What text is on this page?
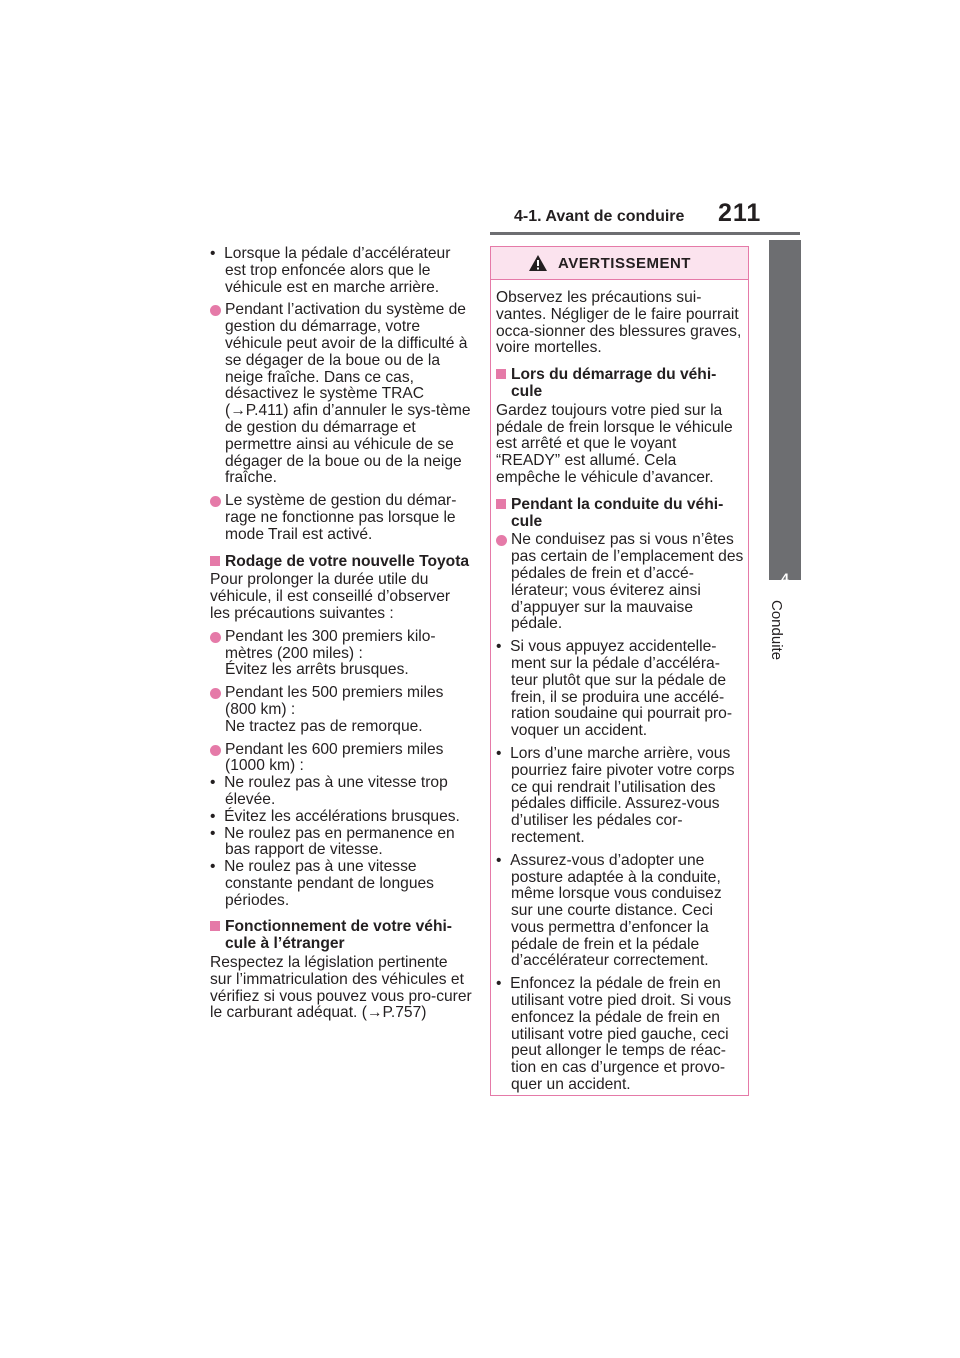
4-1. Avant de conduire 211
4
Conduite

•  Lorsque la pédale d’accélérateur est trop enfoncée alors que le véhicule est en marche arrière.

Pendant l’activation du système de gestion du démarrage, votre véhicule peut avoir de la difficulté à se dégager de la boue ou de la neige fraîche. Dans ce cas, désactivez le système TRAC (→P.411) afin d’annuler le sys-tème de gestion du démarrage et permettre ainsi au véhicule de se dégager de la boue ou de la neige fraîche.
Le système de gestion du démar-rage ne fonctionne pas lorsque le mode Trail est activé.
Rodage de votre nouvelle Toyota

Pour prolonger la durée utile du véhicule, il est conseillé d’observer les précautions suivantes :

Pendant les 300 premiers kilo-mètres (200 miles) :
Évitez les arrêts brusques.
Pendant les 500 premiers miles (800 km) :
Ne tractez pas de remorque.
Pendant les 600 premiers miles (1000 km) :
•  Ne roulez pas à une vitesse trop élevée.
•  Évitez les accélérations brusques.
•  Ne roulez pas en permanence en bas rapport de vitesse.
•  Ne roulez pas à une vitesse constante pendant de longues périodes.
Fonctionnement de votre véhi-cule à l’étranger

Respectez la législation pertinente sur l’immatriculation des véhicules et vérifiez si vous pouvez vous pro-curer le carburant adéquat. (→P.757)

AVERTISSEMENT

Observez les précautions sui-vantes. Négliger de le faire pourrait occa-sionner des blessures graves, voire mortelles.

Lors du démarrage du véhi-cule

Gardez toujours votre pied sur la pédale de frein lorsque le véhicule est arrêté et que le voyant “READY” est allumé. Cela empêche le véhicule d’avancer.

Pendant la conduite du véhi-cule
Ne conduisez pas si vous n’êtes pas certain de l’emplacement des pédales de frein et d’accé-lérateur; vous éviterez ainsi d’appuyer sur la mauvaise pédale.
•  Si vous appuyez accidentelle-ment sur la pédale d’accéléra-teur plutôt que sur la pédale de frein, il se produira une accélé-ration soudaine qui pourrait pro-voquer un accident.
•  Lors d’une marche arrière, vous pourriez faire pivoter votre corps ce qui rendrait l’utilisation des pédales difficile. Assurez-vous d’utiliser les pédales cor-rectement.
•  Assurez-vous d’adopter une posture adaptée à la conduite, même lorsque vous conduisez sur une courte distance. Ceci vous permettra d’enfoncer la pédale de frein et la pédale d’accélérateur correctement.
•  Enfoncez la pédale de frein en utilisant votre pied droit. Si vous enfoncez la pédale de frein en utilisant votre pied gauche, ceci peut allonger le temps de réac-tion en cas d’urgence et provo-quer un accident.
